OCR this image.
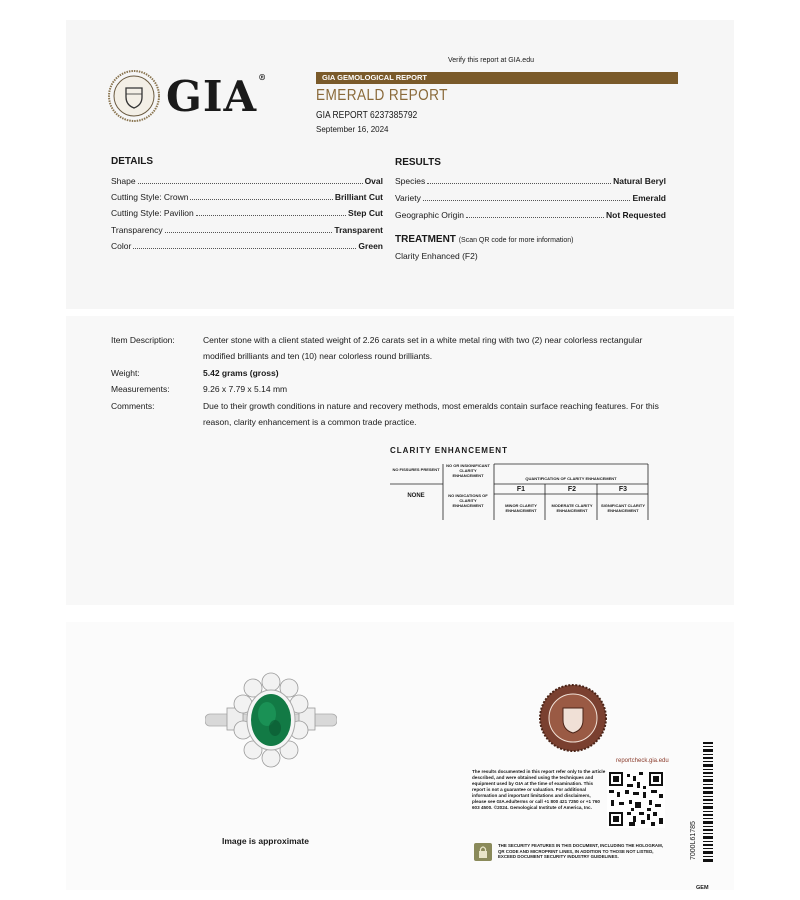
Verify this report at GIA.edu
GIA®	GIA GEMOLOGICAL REPORT
EMERALD REPORT
GIA REPORT 6237385792
September 16, 2024
DETAILS
Shape	Oval
Cutting Style: Crown	Brilliant Cut
Cutting Style: Pavilion	Step Cut
Transparency	Transparent
Color	Green
RESULTS
Species	Natural Beryl
Variety	Emerald
Geographic Origin	Not Requested
TREATMENT (Scan QR code for more information)
Clarity Enhanced (F2)
Item Description:	Center stone with a client stated weight of 2.26 carats set in a white metal ring with two (2) near colorless rectangular modified brilliants and ten (10) near colorless round brilliants.
Weight:	5.42 grams (gross)
Measurements:	9.26 x 7.79 x 5.14 mm
Comments:	Due to their growth conditions in nature and recovery methods, most emeralds contain surface reaching features. For this reason, clarity enhancement is a common trade practice.
CLARITY ENHANCEMENT
NO FISSURES PRESENT
NONE
NO OR INSIGNIFICANT CLARITY ENHANCEMENT
NO INDICATIONS OF CLARITY ENHANCEMENT
QUANTIFICATION OF CLARITY ENHANCEMENT
F1	F2	F3
MINOR CLARITY ENHANCEMENT
MODERATE CLARITY ENHANCEMENT
SIGNIFICANT CLARITY ENHANCEMENT
Image is approximate
reportcheck.gia.edu
The results documented in this report refer only to the article described, and were obtained using the techniques and equipment used by GIA at the time of examination. This report is not a guarantee or valuation. For additional information and important limitations and disclaimers, please see GIA.edu/terms or call +1 800 421 7250 or +1 760 603 4500. ©2024. Gemological Institute of America, Inc.
THE SECURITY FEATURES IN THIS DOCUMENT, INCLUDING THE HOLOGRAM, QR CODE AND MICROPRINT LINES, IN ADDITION TO THOSE NOT LISTED, EXCEED DOCUMENT SECURITY INDUSTRY GUIDELINES.	7000L61785
GEM
